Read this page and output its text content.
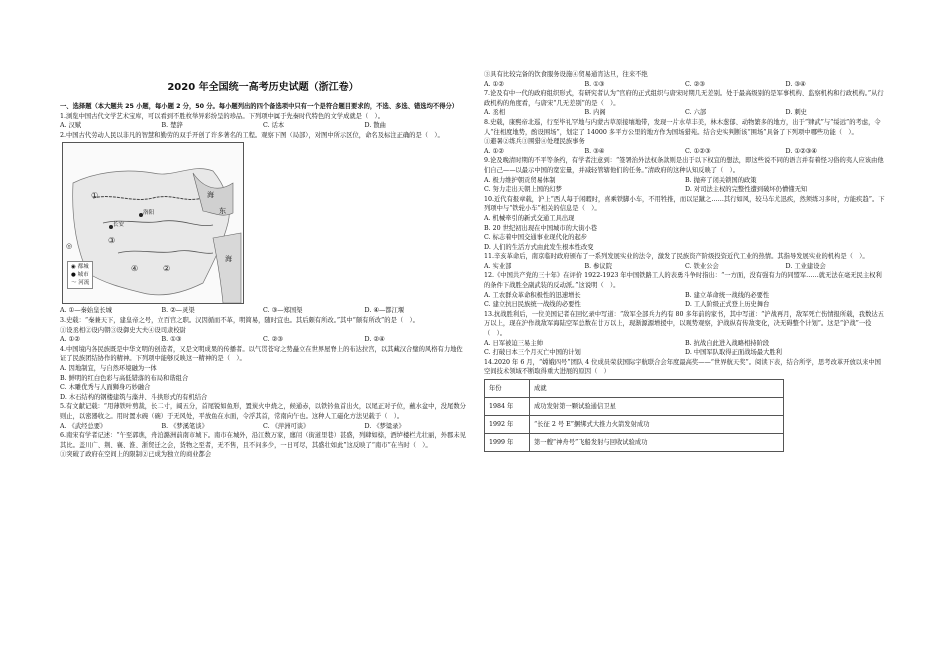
2020 年全国统一高考历史试题（浙江卷）

一、选择题（本大题共 25 小题，每小题 2 分，50 分。每小题列出的四个备选项中只有一个是符合题目要求的，不选、多选、错选均不得分）

1.浏览中国古代文学艺术宝库，可以看到不胜枚举异彩纷呈的珍品。下列项中属于先秦时代特色的文学成就是（　）。

A. 汉赋	B. 楚辞	C. 话本	D. 散曲

2.中国古代劳动人民以非凡的智慧和勤劳的双手开创了许多著名的工程。观察下图（局部），对图中所示区位，命名及标注正确的是（　）。

◎
①
③
④	②
东
海
海
洛阳
长安
◉ 都城
● 城市
～ 河流
A. ①—秦始皇长城	B. ②—灵渠	C. ③—郑国渠	D. ④—都江堰

3.史载：“秦兼天下，建皇帝之号，立百官之职。汉因循而不革，明简易，随时宜也。其后颇有所改。”其中“颇有所改”的是（　）。

①设丞相②设内朝③设御史大夫④设司隶校尉

A. ①②	B. ①③	C. ②③	D. ②④

4.中国境内各民族既是中华文明的创造者，又是文明成果的传播者。以气贯苍穹之势矗立在世界屋脊上的布达拉宫，以其藏汉合璧的风格有力地佐证了民族团结协作的精神。下列项中能够反映这一精神的是（　）。

A. 因地制宜，与自然环境融为一体

B. 鲜明的红白色彩与高低错落的布局和谐组合

C. 木雕优秀与人面狮身巧妙融合

D. 木石结构的钢楼建筑与藻井、斗拱形式的有机结合

5.有文献记载：“用薄铁叶剪裁，长二寸，阔五分，首尾锐如鱼形，置炭火中烧之，候通赤，以铁钤鱼首出火，以尾正对子位，蘸水盆中，没尾数分则止，以密器收之。用时置水碗（碗）于无风处，平放鱼在水面，令浮其首，常南向午也。这种人工磁化方法见载于（　）。

A. 《武经总要》	B. 《梦溪笔谈》	C. 《萍洲可谈》	D. 《梦粱录》

6.南宋有学者记述：“午至郭谯，舟泊潞洲前南市城下。南市在城外，沿江数万家，廛闬（街道里巷）甚盛，列肆如榇，酒垆楼栏尤壮丽，外郡未见其比。盖川广、荆、襄、淮、浙贸迁之会，货物之至者，无不售，且不问多少，一日可尽，其盛壮如此”这反映了“南市”在当时（　）。

①突破了政府在空间上的限制②已成为独立的商业都会

③具有比较完备的饮食服务设施④贸易通宵达旦，往来不绝

A. ①②	B. ①③	C. ②③	D. ③④

7.论及有中一代的政府组织形式，有研究者认为“官府的正式组织与唐宋时期几无差别。处于最高级别的是军事机构、监察机构和行政机构。”从行政机构的角度看，与唐宋“几无差别”的是（　）。

A. 丞相	B. 内阁	C. 六部	D. 刺史

8.史载，康熙帝北巡，行至毕礼罕地与内蒙古草原接壤地带，发现一片水草丰美，林木葱郁、动物繁多的地方，出于“肄武”与“绥远”的考虑，令人“往相度地势，酌设围场”，划定了 14000 多平方公里的地方作为国场猎苑。结合史实判断该“围场”具备了下列项中哪些功能（　）。

①避暑②练兵③围猎④处理民族事务

A. ①②	B. ③④	C. ①②③	D. ①②③④

9.论及晚清时期的不平等条约，有学者注意到：“签署治外法权条款则是出于以下权宜的想法，即这些说不同的语言并有着怪习俗的夷人应该由他们自己——以最示中国的宽宏量，并减轻管辖他们的任务。”清政府的这种认知反映了（　）。

A. 极力维护朝贡贸易体制	B. 抛弃了闭关锁国的政策
C. 努力走出天朝上国的幻梦	D. 对司法主权的完整性遭到破坏仍懵懂无知

10.近代有报章载，沪上“西人每于闲暇时，喜乘铁脚小车，不用牲推，而以足蹴之……其行如风，较马车尤迅疾，然须练习多时，方能疾趋”。下列项中与“铁轮小车”相关的信息是（　）。

A. 机械牵引的新式交通工具出现

B. 20 世纪初出现在中国城市的大街小巷

C. 标志着中国交通事业现代化的起步

D. 人们的生活方式由此发生根本性改变

11.辛亥革命后，南京临时政府颁布了一系列发展实业的法令，激发了民族资产阶级投资近代工业的热情。其指导发展实业的机构是（　）。

A. 实业部	B. 参议院	C. 铁业公会	D. 工业建设会

12.《中国共产党的三十年》在评价 1922-1923 年中国铁路工人的表勇斗争时指出：“一方面，没有强有力的同盟军……就无法在毫无民主权利的条件下战胜全副武装的反动派。”这说明（　）。

A. 工农群众革命积极性的迅速增长	B. 建立革命统一战线的必要性
C. 建立抗日民族统一战线的必要性	D. 工人阶级正式登上历史舞台

13.抗战胜利后，一位美国记者在回忆录中写道：“敌军全部兵力约有 80 多年前的家书，其中写道：“沪战再月，敌军死亡伤情报所载，我数达五万以上，现在沪作战敌军海陆空军总数在廿万以上，现渐源源增援中，以观势观察，沪战纵有传敌变化，决无碍整个计划”。这是“沪战”一役（　）。

A. 日军被迫三易主帅	B. 抗战自此进入战略相持阶段
C. 打破日本三个月灭亡中国的计划	D. 中国军队取得正面战场最大胜利

14.2020 年 6 月，“嫦娥四号”团队 4 位成员荣获国际宇航联合会年度最高奖——“世界航天奖”。阅读下表，结合所学，思考改革开放以来中国空间技术领域不断取得重大进展的原因（　）

年份	成就
1984 年	成功发射第一颗试验通信卫星
1992 年	“长征 2 号 E”捆绑式大推力火箭发射成功
1999 年	第一艘“神舟号”飞船发射与回收试验成功
